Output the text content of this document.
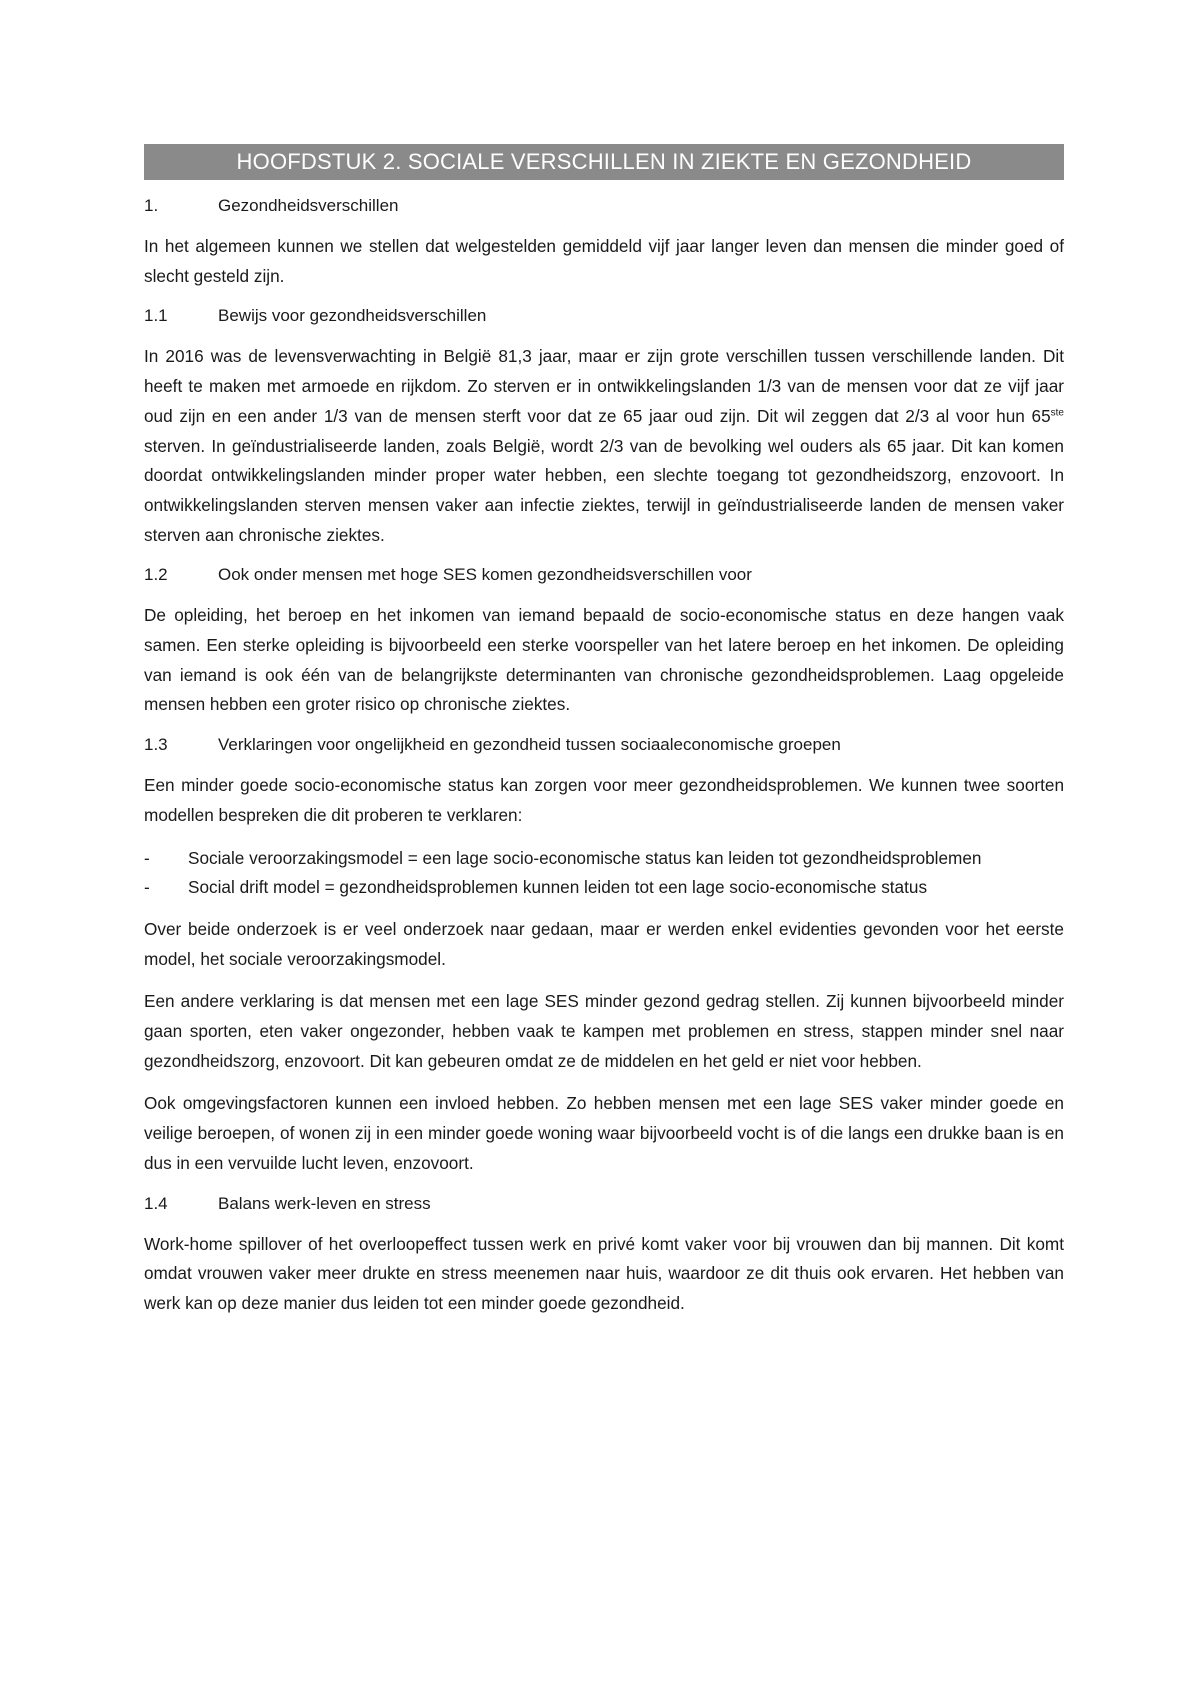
HOOFDSTUK 2. SOCIALE VERSCHILLEN IN ZIEKTE EN GEZONDHEID
1.	Gezondheidsverschillen

In het algemeen kunnen we stellen dat welgestelden gemiddeld vijf jaar langer leven dan mensen die minder goed of slecht gesteld zijn.

1.1	Bewijs voor gezondheidsverschillen

In 2016 was de levensverwachting in België 81,3 jaar, maar er zijn grote verschillen tussen verschillende landen. Dit heeft te maken met armoede en rijkdom. Zo sterven er in ontwikkelingslanden 1/3 van de mensen voor dat ze vijf jaar oud zijn en een ander 1/3 van de mensen sterft voor dat ze 65 jaar oud zijn. Dit wil zeggen dat 2/3 al voor hun 65ste sterven. In geïndustrialiseerde landen, zoals België, wordt 2/3 van de bevolking wel ouders als 65 jaar. Dit kan komen doordat ontwikkelingslanden minder proper water hebben, een slechte toegang tot gezondheidszorg, enzovoort. In ontwikkelingslanden sterven mensen vaker aan infectie ziektes, terwijl in geïndustrialiseerde landen de mensen vaker sterven aan chronische ziektes.

1.2	Ook onder mensen met hoge SES komen gezondheidsverschillen voor

De opleiding, het beroep en het inkomen van iemand bepaald de socio-economische status en deze hangen vaak samen. Een sterke opleiding is bijvoorbeeld een sterke voorspeller van het latere beroep en het inkomen. De opleiding van iemand is ook één van de belangrijkste determinanten van chronische gezondheidsproblemen. Laag opgeleide mensen hebben een groter risico op chronische ziektes.

1.3	Verklaringen voor ongelijkheid en gezondheid tussen sociaaleconomische groepen

Een minder goede socio-economische status kan zorgen voor meer gezondheidsproblemen. We kunnen twee soorten modellen bespreken die dit proberen te verklaren:

-	Sociale veroorzakingsmodel = een lage socio-economische status kan leiden tot gezondheidsproblemen
-	Social drift model = gezondheidsproblemen kunnen leiden tot een lage socio-economische status

Over beide onderzoek is er veel onderzoek naar gedaan, maar er werden enkel evidenties gevonden voor het eerste model, het sociale veroorzakingsmodel.

Een andere verklaring is dat mensen met een lage SES minder gezond gedrag stellen. Zij kunnen bijvoorbeeld minder gaan sporten, eten vaker ongezonder, hebben vaak te kampen met problemen en stress, stappen minder snel naar gezondheidszorg, enzovoort. Dit kan gebeuren omdat ze de middelen en het geld er niet voor hebben.

Ook omgevingsfactoren kunnen een invloed hebben. Zo hebben mensen met een lage SES vaker minder goede en veilige beroepen, of wonen zij in een minder goede woning waar bijvoorbeeld vocht is of die langs een drukke baan is en dus in een vervuilde lucht leven, enzovoort.

1.4	Balans werk-leven en stress

Work-home spillover of het overloopeffect tussen werk en privé komt vaker voor bij vrouwen dan bij mannen. Dit komt omdat vrouwen vaker meer drukte en stress meenemen naar huis, waardoor ze dit thuis ook ervaren. Het hebben van werk kan op deze manier dus leiden tot een minder goede gezondheid.
